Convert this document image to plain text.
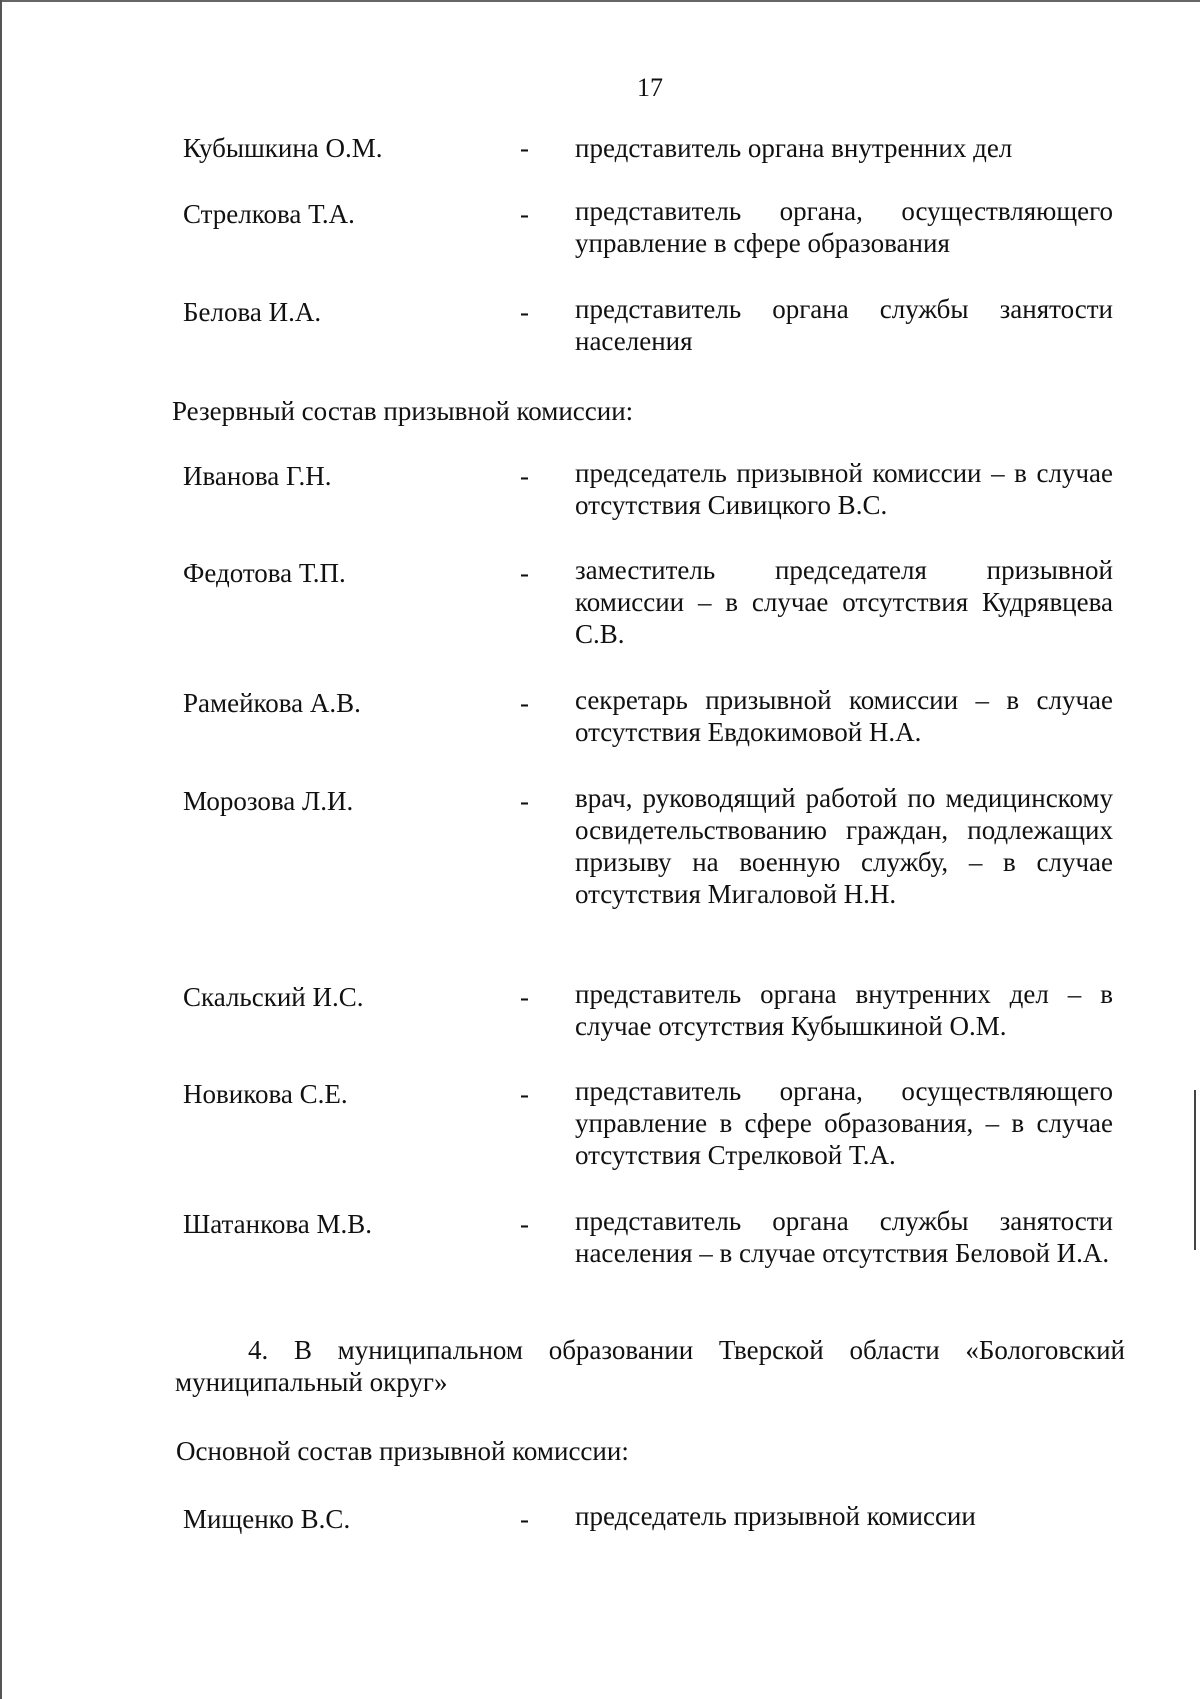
17
Кубышкина О.М.	- представитель органа внутренних дел
Стрелкова Т.А.	- представитель органа, осуществляющего управление в сфере образования
Белова И.А.	- представитель органа службы занятости населения
Резервный состав призывной комиссии:
Иванова Г.Н.	- председатель призывной комиссии – в случае отсутствия Сивицкого В.С.
Федотова Т.П.	- заместитель председателя призывной комиссии – в случае отсутствия Кудрявцева С.В.
Рамейкова А.В.	- секретарь призывной комиссии – в случае отсутствия Евдокимовой Н.А.
Морозова Л.И.	- врач, руководящий работой по медицинскому освидетельствованию граждан, подлежащих призыву на военную службу, – в случае отсутствия Мигаловой Н.Н.
Скальский И.С.	- представитель органа внутренних дел – в случае отсутствия Кубышкиной О.М.
Новикова С.Е.	- представитель органа, осуществляющего управление в сфере образования, – в случае отсутствия Стрелковой Т.А.
Шатанкова М.В.	- представитель органа службы занятости населения – в случае отсутствия Беловой И.А.
4. В муниципальном образовании Тверской области «Бологовский муниципальный округ»
Основной состав призывной комиссии:
Мищенко В.С.	- председатель призывной комиссии
